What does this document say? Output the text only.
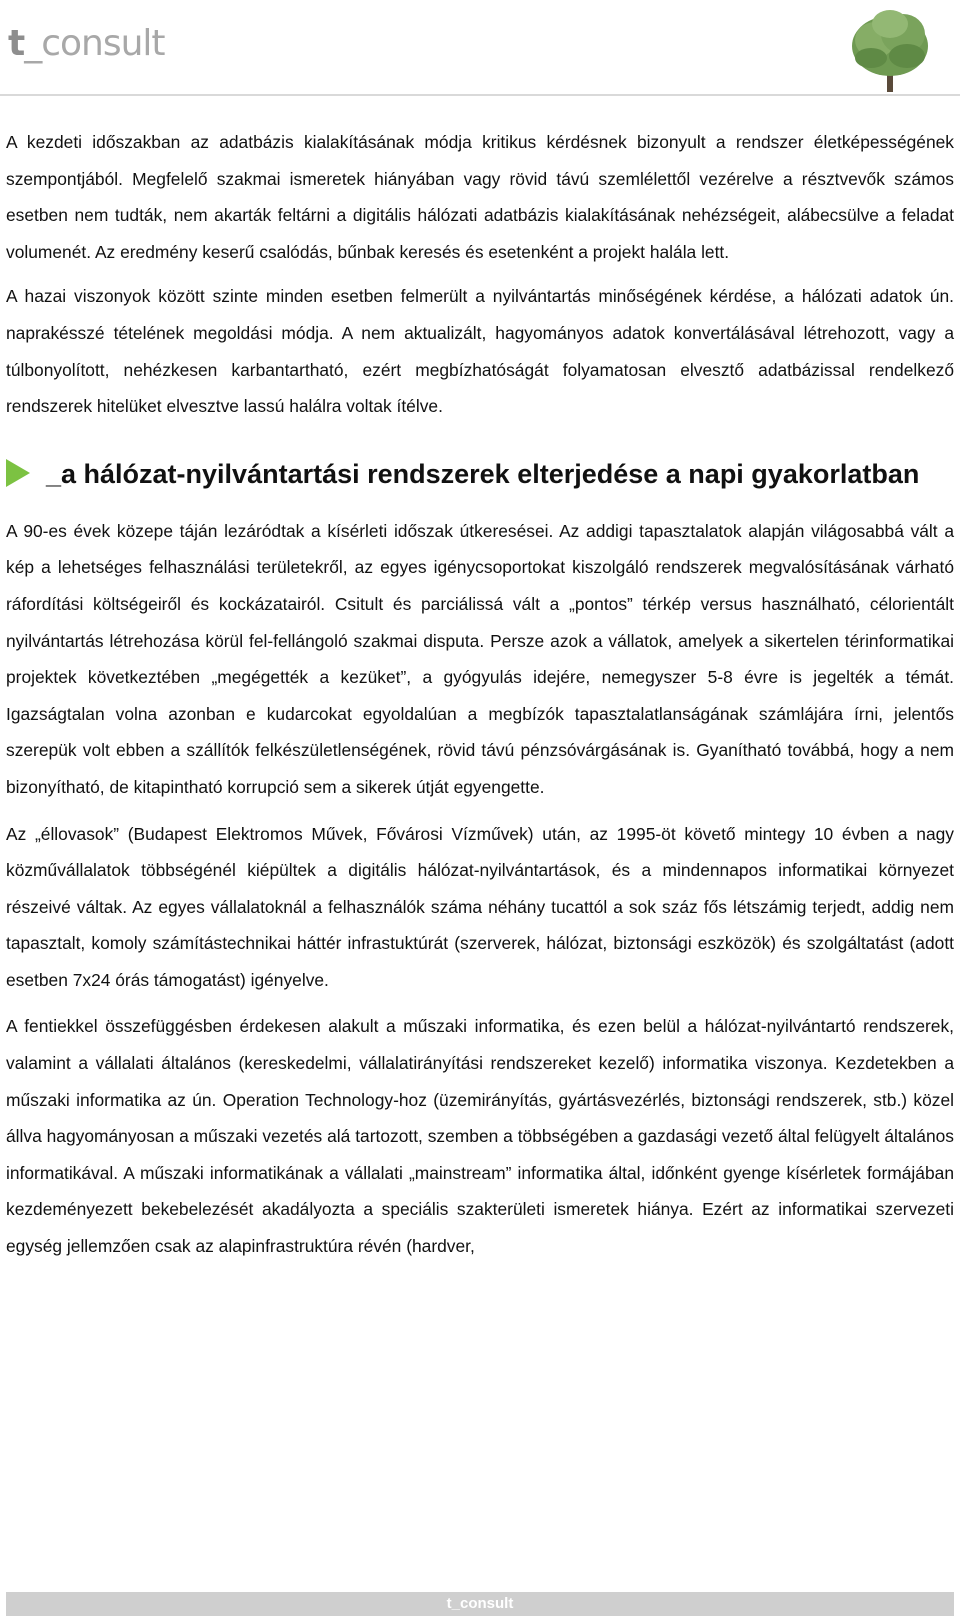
t_consult

A kezdeti időszakban az adatbázis kialakításának módja kritikus kérdésnek bizonyult a rendszer életképességének szempontjából. Megfelelő szakmai ismeretek hiányában vagy rövid távú szemlélettől vezérelve a résztvevők számos esetben nem tudták, nem akarták feltárni a digitális hálózati adatbázis kialakításának nehézségeit, alábecsülve a feladat volumenét. Az eredmény keserű csalódás, bűnbak keresés és esetenként a projekt halála lett.

A hazai viszonyok között szinte minden esetben felmerült a nyilvántartás minőségének kérdése, a hálózati adatok ún. naprakésszé tételének megoldási módja. A nem aktualizált, hagyományos adatok konvertálásával létrehozott, vagy a túlbonyolított, nehézkesen karbantartható, ezért megbízhatóságát folyamatosan elvesztő adatbázissal rendelkező rendszerek hitelüket elvesztve lassú halálra voltak ítélve.

_a hálózat-nyilvántartási rendszerek elterjedése a napi gyakorlatban

A 90-es évek közepe táján lezáródtak a kísérleti időszak útkeresései. Az addigi tapasztalatok alapján világosabbá vált a kép a lehetséges felhasználási területekről, az egyes igénycsoportokat kiszolgáló rendszerek megvalósításának várható ráfordítási költségeiről és kockázatairól. Csitult és parciálissá vált a „pontos” térkép versus használható, célorientált nyilvántartás létrehozása körül fel-fellángoló szakmai disputa. Persze azok a vállatok, amelyek a sikertelen térinformatikai projektek következtében „megégették a kezüket”, a gyógyulás idejére, nemegyszer 5-8 évre is jegelték a témát. Igazságtalan volna azonban e kudarcokat egyoldalúan a megbízók tapasztalatlanságának számlájára írni, jelentős szerepük volt ebben a szállítók felkészületlenségének, rövid távú pénzsóvárgásának is. Gyanítható továbbá, hogy a nem bizonyítható, de kitapintható korrupció sem a sikerek útját egyengette.

Az „éllovasok” (Budapest Elektromos Művek, Fővárosi Vízművek) után, az 1995-öt követő mintegy 10 évben a nagy közművállalatok többségénél kiépültek a digitális hálózat-nyilvántartások, és a mindennapos informatikai környezet részeivé váltak. Az egyes vállalatoknál a felhasználók száma néhány tucattól a sok száz fős létszámig terjedt, addig nem tapasztalt, komoly számítástechnikai háttér infrastuktúrát (szerverek, hálózat, biztonsági eszközök) és szolgáltatást (adott esetben 7x24 órás támogatást) igényelve.

A fentiekkel összefüggésben érdekesen alakult a műszaki informatika, és ezen belül a hálózat-nyilvántartó rendszerek, valamint a vállalati általános (kereskedelmi, vállalatirányítási rendszereket kezelő) informatika viszonya. Kezdetekben a műszaki informatika az ún. Operation Technology-hoz (üzemirányítás, gyártásvezérlés, biztonsági rendszerek, stb.) közel állva hagyományosan a műszaki vezetés alá tartozott, szemben a többségében a gazdasági vezető által felügyelt általános informatikával. A műszaki informatikának a vállalati „mainstream” informatika által, időnként gyenge kísérletek formájában kezdeményezett bekebelezését akadályozta a speciális szakterületi ismeretek hiánya. Ezért az informatikai szervezeti egység jellemzően csak az alapinfrastruktúra révén (hardver,

t_consult
